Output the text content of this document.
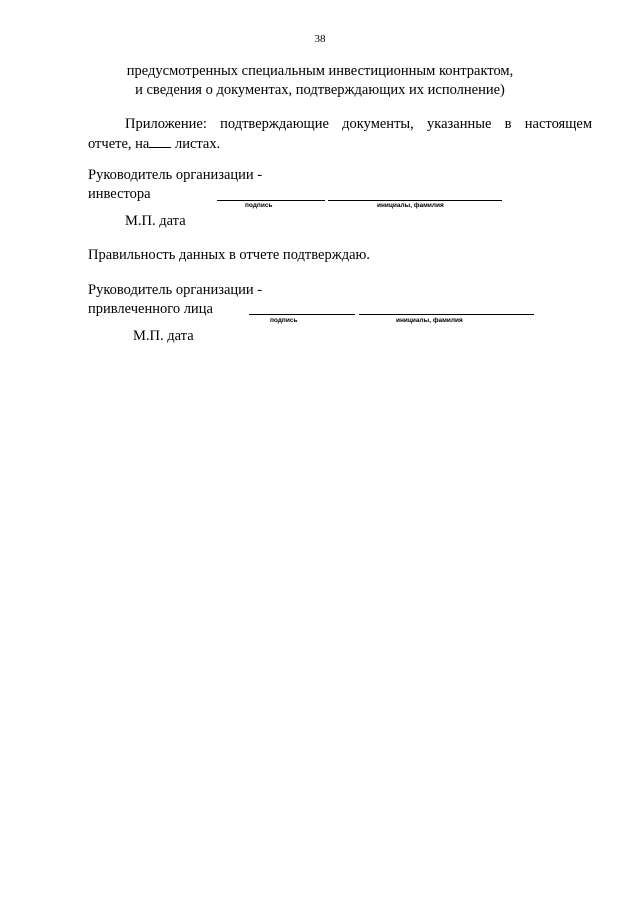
38
предусмотренных специальным инвестиционным контрактом,
и сведения о документах, подтверждающих их исполнение)
Приложение: подтверждающие документы, указанные в настоящем
отчете, на листах.
Руководитель организации -
инвестора
подпись	инициалы, фамилия
М.П. дата
Правильность данных в отчете подтверждаю.
Руководитель организации -
привлеченного лица
подпись	инициалы, фамилия
М.П. дата
